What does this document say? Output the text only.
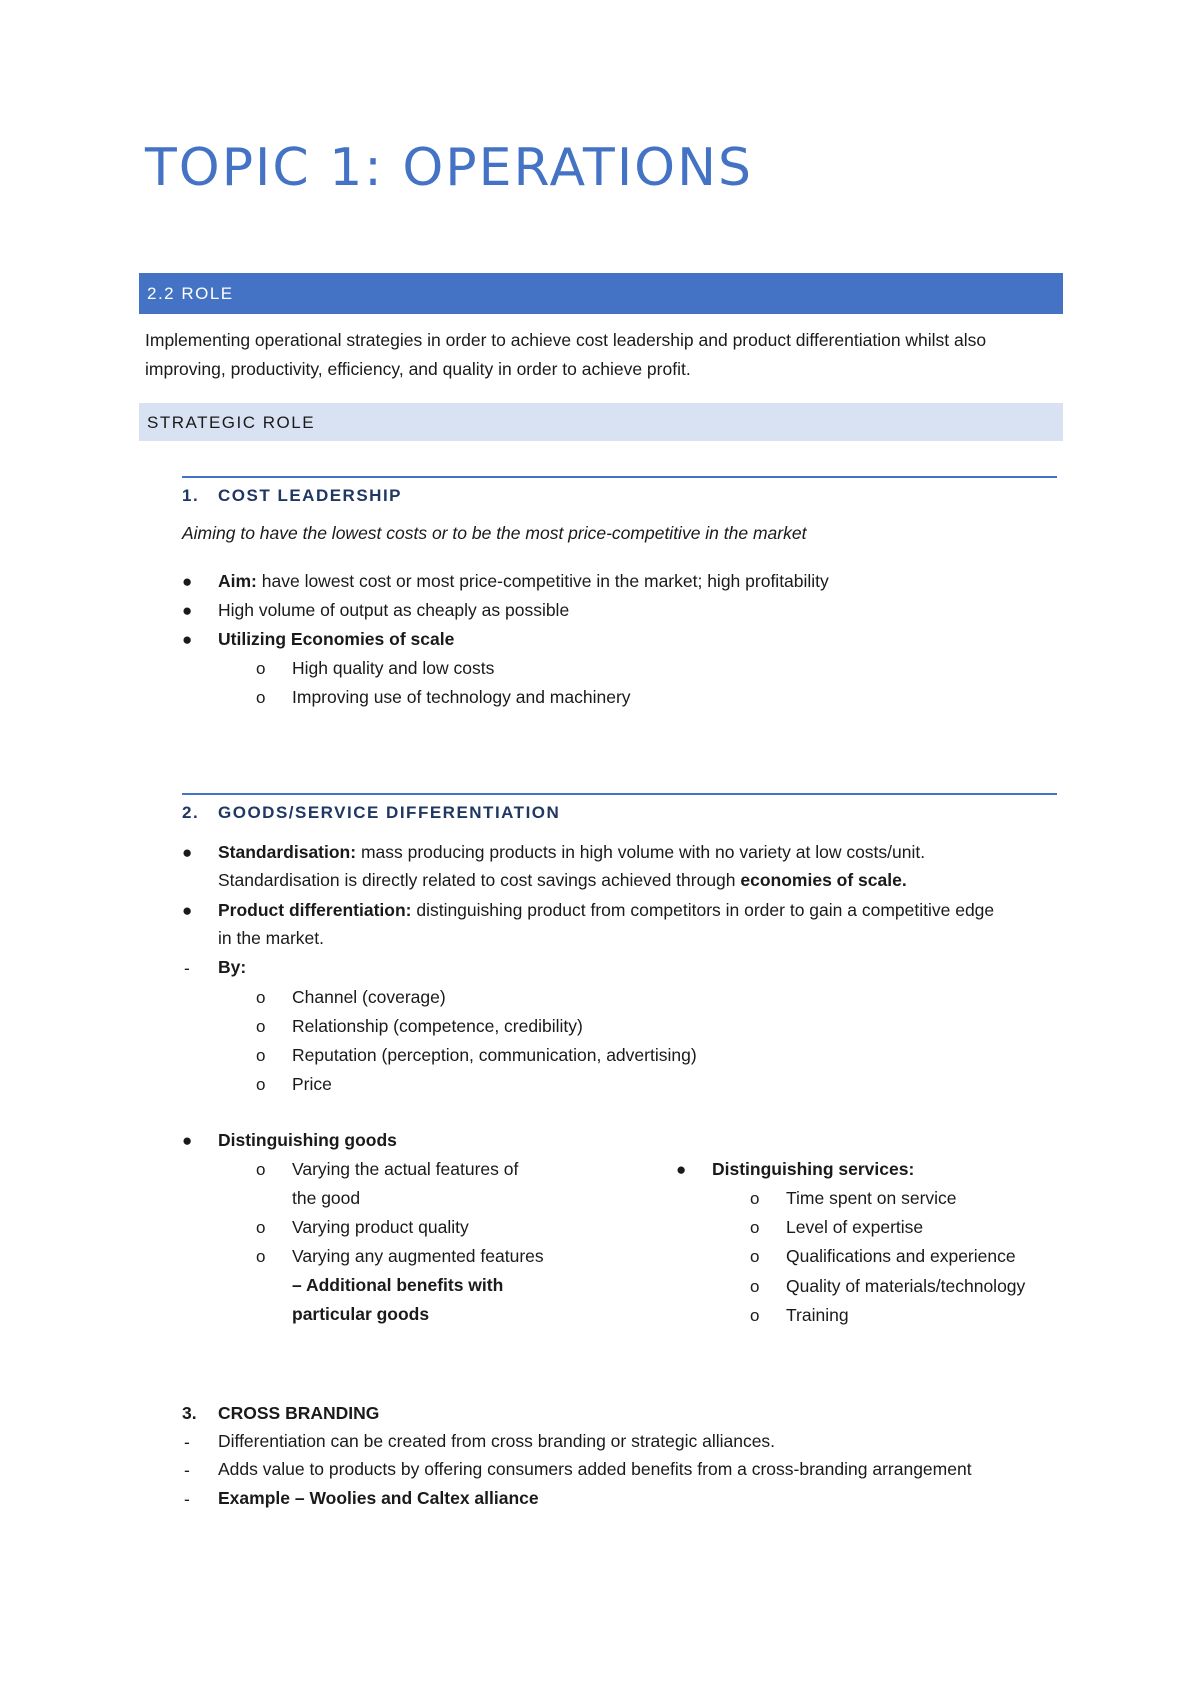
TOPIC 1: OPERATIONS
2.2 ROLE
Implementing operational strategies in order to achieve cost leadership and product differentiation whilst also improving, productivity, efficiency, and quality in order to achieve profit.
STRATEGIC ROLE
1. COST LEADERSHIP
Aiming to have the lowest costs or to be the most price-competitive in the market
● Aim: have lowest cost or most price-competitive in the market; high profitability
● High volume of output as cheaply as possible
● Utilizing Economies of scale
o High quality and low costs
o Improving use of technology and machinery
2. GOODS/SERVICE DIFFERENTIATION
● Standardisation: mass producing products in high volume with no variety at low costs/unit.
Standardisation is directly related to cost savings achieved through economies of scale.
● Product differentiation: distinguishing product from competitors in order to gain a competitive edge
in the market.
- By:
o Channel (coverage)
o Relationship (competence, credibility)
o Reputation (perception, communication, advertising)
o Price
● Distinguishing goods
o Varying the actual features of
the good
o Varying product quality
o Varying any augmented features
– Additional benefits with
particular goods
● Distinguishing services:
o Time spent on service
o Level of expertise
o Qualifications and experience
o Quality of materials/technology
o Training
3. CROSS BRANDING
- Differentiation can be created from cross branding or strategic alliances.
- Adds value to products by offering consumers added benefits from a cross-branding arrangement
- Example – Woolies and Caltex alliance
